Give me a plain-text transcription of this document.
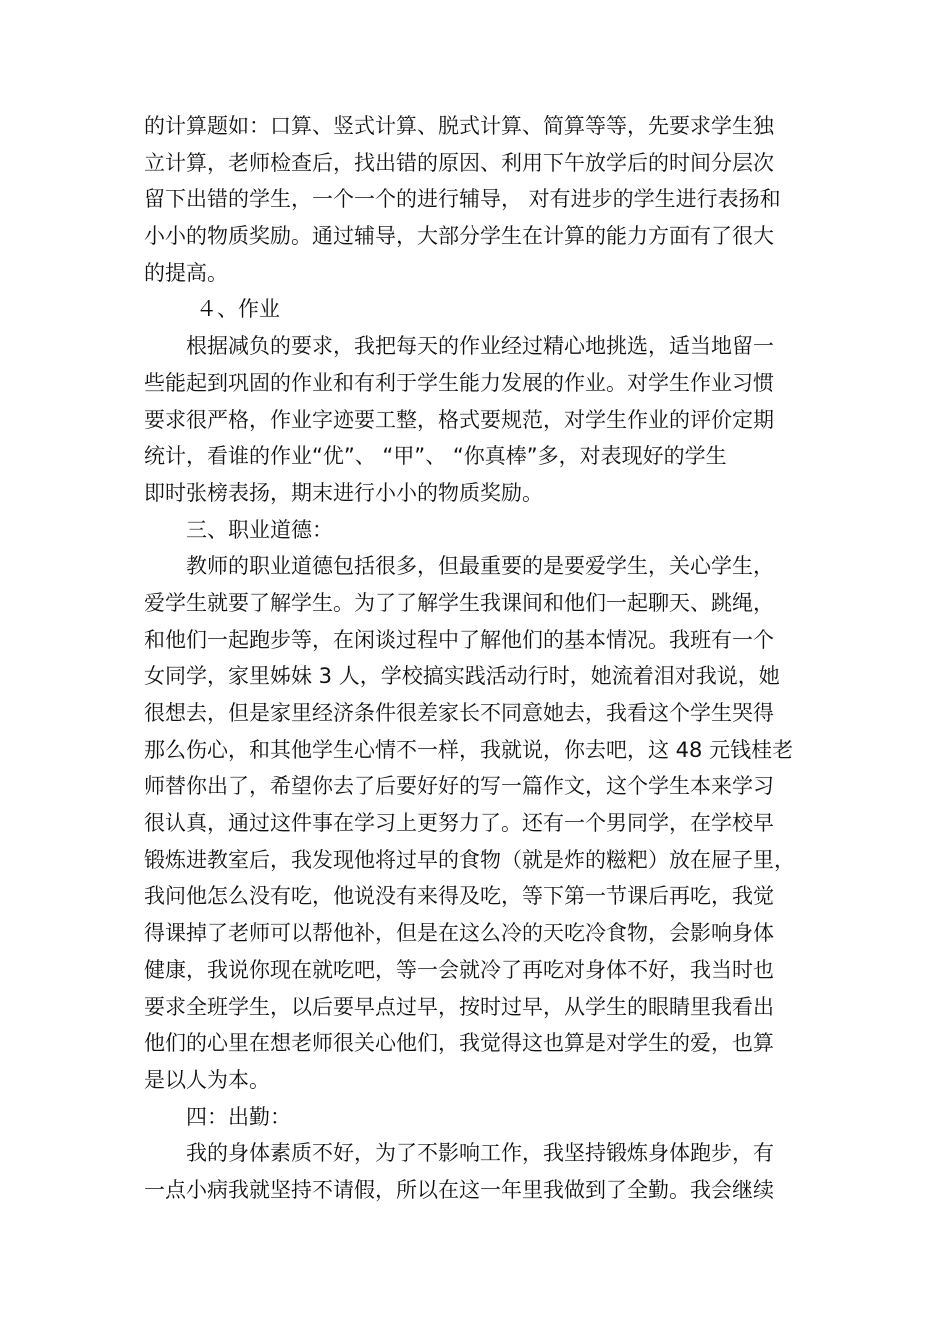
的计算题如：口算、竖式计算、脱式计算、简算等等，先要求学生独
立计算，老师检查后，找出错的原因、利用下午放学后的时间分层次
留下出错的学生，一个一个的进行辅导， 对有进步的学生进行表扬和
小小的物质奖励。通过辅导，大部分学生在计算的能力方面有了很大
的提高。
４、作业
根据减负的要求，我把每天的作业经过精心地挑选，适当地留一
些能起到巩固的作业和有利于学生能力发展的作业。对学生作业习惯
要求很严格，作业字迹要工整，格式要规范，对学生作业的评价定期
统计，看谁的作业“优”、 “甲”、 “你真棒”多，对表现好的学生
即时张榜表扬，期末进行小小的物质奖励。
三、职业道德：
教师的职业道德包括很多，但最重要的是要爱学生，关心学生，
爱学生就要了解学生。为了了解学生我课间和他们一起聊天、跳绳，
和他们一起跑步等，在闲谈过程中了解他们的基本情况。我班有一个
女同学，家里姊妹 3 人，学校搞实践活动行时，她流着泪对我说，她
很想去，但是家里经济条件很差家长不同意她去，我看这个学生哭得
那么伤心，和其他学生心情不一样，我就说，你去吧，这 48 元钱桂老
师替你出了，希望你去了后要好好的写一篇作文，这个学生本来学习
很认真，通过这件事在学习上更努力了。还有一个男同学，在学校早
锻炼进教室后，我发现他将过早的食物（就是炸的糍粑）放在屉子里，
我问他怎么没有吃，他说没有来得及吃，等下第一节课后再吃，我觉
得课掉了老师可以帮他补，但是在这么冷的天吃冷食物，会影响身体
健康，我说你现在就吃吧，等一会就冷了再吃对身体不好，我当时也
要求全班学生，以后要早点过早，按时过早，从学生的眼睛里我看出
他们的心里在想老师很关心他们，我觉得这也算是对学生的爱，也算
是以人为本。
四：出勤：
我的身体素质不好，为了不影响工作，我坚持锻炼身体跑步，有
一点小病我就坚持不请假，所以在这一年里我做到了全勤。我会继续
